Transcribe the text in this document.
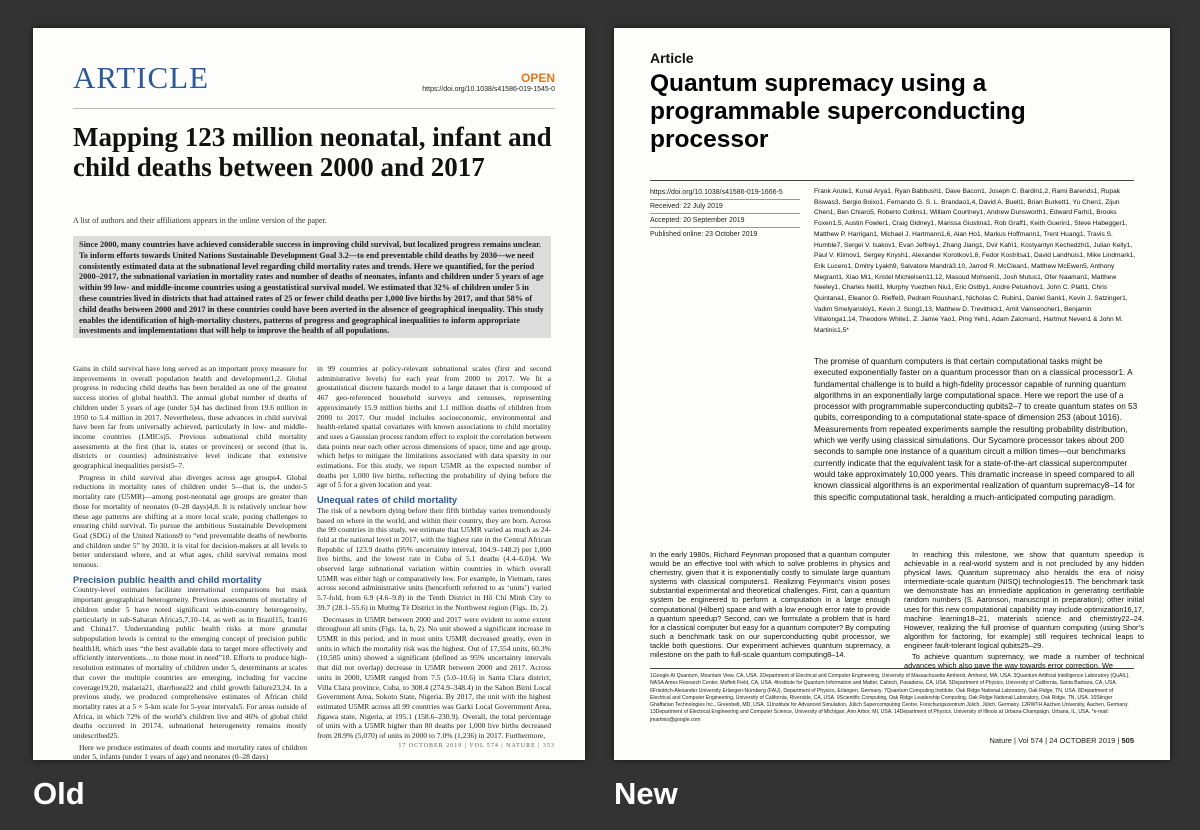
ARTICLE	OPEN
https://doi.org/10.1038/s41586-019-1545-0
Mapping 123 million neonatal, infant and child deaths between 2000 and 2017
A list of authors and their affiliations appears in the online version of the paper.
Since 2000, many countries have achieved considerable success in improving child survival, but localized progress remains unclear. To inform efforts towards United Nations Sustainable Development Goal 3.2—to end preventable child deaths by 2030—we need consistently estimated data at the subnational level regarding child mortality rates and trends. Here we quantified, for the period 2000–2017, the subnational variation in mortality rates and number of deaths of neonates, infants and children under 5 years of age within 99 low- and middle-income countries using a geostatistical survival model. We estimated that 32% of children under 5 in these countries lived in districts that had attained rates of 25 or fewer child deaths per 1,000 live births by 2017, and that 58% of child deaths between 2000 and 2017 in these countries could have been averted in the absence of geographical inequality. This study enables the identification of high-mortality clusters, patterns of progress and geographical inequalities to inform appropriate investments and implementations that will help to improve the health of all populations.

Gains in child survival have long served as an important proxy measure for improvements in overall population health and development1,2. Global progress in reducing child deaths has been heralded as one of the greatest success stories of global health3. The annual global number of deaths of children under 5 years of age (under 5)4 has declined from 19.6 million in 1950 to 5.4 million in 2017. Nevertheless, these advances in child survival have been far from universally achieved, particularly in low- and middle-income countries (LMICs)5. Previous subnational child mortality assessments at the first (that is, states or provinces) or second (that is, districts or counties) administrative level indicate that extensive geographical inequalities persist5–7.

Progress in child survival also diverges across age groups4. Global reductions in mortality rates of children under 5—that is, the under-5 mortality rate (U5MR)—among post-neonatal age groups are greater than those for mortality of neonates (0–28 days)4,8. It is relatively unclear how these age patterns are shifting at a more local scale, posing challenges to ensuring child survival. To pursue the ambitious Sustainable Development Goal (SDG) of the United Nations9 to “end preventable deaths of newborns and children under 5” by 2030, it is vital for decision-makers at all levels to better understand where, and at what ages, child survival remains most tenuous.

Precision public health and child mortality

Country-level estimates facilitate international comparisons but mask important geographical heterogeneity. Previous assessments of mortality of children under 5 have noted significant within-country heterogeneity, particularly in sub-Saharan Africa5,7,10–14, as well as in Brazil15, Iran16 and China17. Understanding public health risks at more granular subpopulation levels is central to the emerging concept of precision public health18, which uses “the best available data to target more effectively and efficiently interventions…to those most in need”18. Efforts to produce high-resolution estimates of mortality of children under 5, determinants at scales that cover the multiple countries are emerging, including for vaccine coverage19,20, malaria21, diarrhoea22 and child growth failure23,24. In a previous study, we produced comprehensive estimates of African child mortality rates at a 5 × 5-km scale for 5-year intervals5. For areas outside of Africa, in which 72% of the world’s children live and 46% of global child deaths occurred in 20174, subnational heterogeneity remains mostly undescribed25.

Here we produce estimates of death counts and mortality rates of children under 5, infants (under 1 years of age) and neonates (0–28 days)

in 99 countries at policy-relevant subnational scales (first and second administrative levels) for each year from 2000 to 2017. We fit a geostatistical discrete hazards model to a large dataset that is composed of 467 geo-referenced household surveys and censuses, representing approximately 15.9 million births and 1.1 million deaths of children from 2000 to 2017. Our model includes socioeconomic, environmental and health-related spatial covariates with known associations to child mortality and uses a Gaussian process random effect to exploit the correlation between data points near each other across dimensions of space, time and age group, which helps to mitigate the limitations associated with data sparsity in our estimations. For this study, we report U5MR as the expected number of deaths per 1,000 live births, reflecting the probability of dying before the age of 5 for a given location and year.

Unequal rates of child mortality

The risk of a newborn dying before their fifth birthday varies tremendously based on where in the world, and within their country, they are born. Across the 99 countries in this study, we estimate that U5MR varied as much as 24-fold at the national level in 2017, with the highest rate in the Central African Republic of 123.9 deaths (95% uncertainty interval, 104.9–148.2) per 1,000 live births, and the lowest rate in Cuba of 5.1 deaths (4.4–6.0)4. We observed large subnational variation within countries in which overall U5MR was either high or comparatively low. For example, in Vietnam, rates across second administrative units (henceforth referred to as ‘units’) varied 5.7-fold, from 6.9 (4.6–9.8) in the Tenth District in Hồ Chí Minh City to 39.7 (28.1–55.6) in Mường Tè District in the Northwest region (Figs. 1b, 2).

Decreases in U5MR between 2000 and 2017 were evident to some extent throughout all units (Figs. 1a, b, 2). No unit showed a significant increase in U5MR in this period, and in most units U5MR decreased greatly, even in units in which the mortality risk was the highest. Out of 17,554 units, 60.3% (10,585 units) showed a significant (defined as 95% uncertainty intervals that did not overlap) decrease in U5MR between 2000 and 2017. Across units in 2000, U5MR ranged from 7.5 (5.0–10.6) in Santa Clara district, Villa Clara province, Cuba, to 308.4 (274.9–348.4) in the Sabon Birni Local Government Area, Sokoto State, Nigeria. By 2017, the unit with the highest estimated U5MR across all 99 countries was Garki Local Government Area, Jigawa state, Nigeria, at 195.1 (158.6–230.9). Overall, the total percentage of units with a U5MR higher than 80 deaths per 1,000 live births decreased from 28.9% (5,070) of units in 2000 to 7.0% (1,236) in 2017. Furthermore,

17 OCTOBER 2019 | VOL 574 | NATURE | 353
Article
Quantum supremacy using a programmable superconducting processor
https://doi.org/10.1038/s41586-019-1666-5
Received: 22 July 2019
Accepted: 20 September 2019
Published online: 23 October 2019
Frank Arute1, Kunal Arya1, Ryan Babbush1, Dave Bacon1, Joseph C. Bardin1,2, Rami Barends1, Rupak Biswas3, Sergio Boixo1, Fernando G. S. L. Brandao1,4, David A. Buell1, Brian Burkett1, Yu Chen1, Zijun Chen1, Ben Chiaro5, Roberto Collins1, William Courtney1, Andrew Dunsworth1, Edward Farhi1, Brooks Foxen1,5, Austin Fowler1, Craig Gidney1, Marissa Giustina1, Rob Graff1, Keith Guerin1, Steve Habegger1, Matthew P. Harrigan1, Michael J. Hartmann1,6, Alan Ho1, Markus Hoffmann1, Trent Huang1, Travis S. Humble7, Sergei V. Isakov1, Evan Jeffrey1, Zhang Jiang1, Dvir Kafri1, Kostyantyn Kechedzhi1, Julian Kelly1, Paul V. Klimov1, Sergey Knysh1, Alexander Korotkov1,8, Fedor Kostritsa1, David Landhuis1, Mike Lindmark1, Erik Lucero1, Dmitry Lyakh9, Salvatore Mandrà3,10, Jarrod R. McClean1, Matthew McEwen5, Anthony Megrant1, Xiao Mi1, Kristel Michielsen11,12, Masoud Mohseni1, Josh Mutus1, Ofer Naaman1, Matthew Neeley1, Charles Neill1, Murphy Yuezhen Niu1, Eric Ostby1, Andre Petukhov1, John C. Platt1, Chris Quintana1, Eleanor G. Rieffel3, Pedram Roushan1, Nicholas C. Rubin1, Daniel Sank1, Kevin J. Satzinger1, Vadim Smelyanskiy1, Kevin J. Sung1,13, Matthew D. Trevithick1, Amit Vainsencher1, Benjamin Villalonga1,14, Theodore White1, Z. Jamie Yao1, Ping Yeh1, Adam Zalcman1, Hartmut Neven1 & John M. Martinis1,5*
The promise of quantum computers is that certain computational tasks might be executed exponentially faster on a quantum processor than on a classical processor1. A fundamental challenge is to build a high-fidelity processor capable of running quantum algorithms in an exponentially large computational space. Here we report the use of a processor with programmable superconducting qubits2–7 to create quantum states on 53 qubits, corresponding to a computational state-space of dimension 253 (about 1016). Measurements from repeated experiments sample the resulting probability distribution, which we verify using classical simulations. Our Sycamore processor takes about 200 seconds to sample one instance of a quantum circuit a million times—our benchmarks currently indicate that the equivalent task for a state-of-the-art classical supercomputer would take approximately 10,000 years. This dramatic increase in speed compared to all known classical algorithms is an experimental realization of quantum supremacy8–14 for this specific computational task, heralding a much-anticipated computing paradigm.

In the early 1980s, Richard Feynman proposed that a quantum computer would be an effective tool with which to solve problems in physics and chemistry, given that it is exponentially costly to simulate large quantum systems with classical computers1. Realizing Feynman’s vision poses substantial experimental and theoretical challenges. First, can a quantum system be engineered to perform a computation in a large enough computational (Hilbert) space and with a low enough error rate to provide a quantum speedup? Second, can we formulate a problem that is hard for a classical computer but easy for a quantum computer? By computing such a benchmark task on our superconducting qubit processor, we tackle both questions. Our experiment achieves quantum supremacy, a milestone on the path to full-scale quantum computing8–14.

In reaching this milestone, we show that quantum speedup is achievable in a real-world system and is not precluded by any hidden physical laws. Quantum supremacy also heralds the era of noisy intermediate-scale quantum (NISQ) technologies15. The benchmark task we demonstrate has an immediate application in generating certifiable random numbers (S. Aaronson, manuscript in preparation); other initial uses for this new computational capability may include optimization16,17, machine learning18–21, materials science and chemistry22–24. However, realizing the full promise of quantum computing (using Shor’s algorithm for factoring, for example) still requires technical leaps to engineer fault-tolerant logical qubits25–29.

To achieve quantum supremacy, we made a number of technical advances which also pave the way towards error correction. We

1Google AI Quantum, Mountain View, CA, USA. 2Department of Electrical and Computer Engineering, University of Massachusetts Amherst, Amherst, MA, USA. 3Quantum Artificial Intelligence Laboratory (QuAIL), NASA Ames Research Center, Moffett Field, CA, USA. 4Institute for Quantum Information and Matter, Caltech, Pasadena, CA, USA. 5Department of Physics, University of California, Santa Barbara, CA, USA. 6Friedrich-Alexander University Erlangen-Nürnberg (FAU), Department of Physics, Erlangen, Germany. 7Quantum Computing Institute, Oak Ridge National Laboratory, Oak Ridge, TN, USA. 8Department of Electrical and Computer Engineering, University of California, Riverside, CA, USA. 9Scientific Computing, Oak Ridge Leadership Computing, Oak Ridge National Laboratory, Oak Ridge, TN, USA. 10Stinger Ghaffarian Technologies Inc., Greenbelt, MD, USA. 11Institute for Advanced Simulation, Jülich Supercomputing Centre, Forschungszentrum Jülich, Jülich, Germany. 12RWTH Aachen University, Aachen, Germany. 13Department of Electrical Engineering and Computer Science, University of Michigan, Ann Arbor, MI, USA. 14Department of Physics, University of Illinois at Urbana-Champaign, Urbana, IL, USA. *e-mail: jmartinis@google.com
Nature | Vol 574 | 24 OCTOBER 2019 | 505
Old	New
